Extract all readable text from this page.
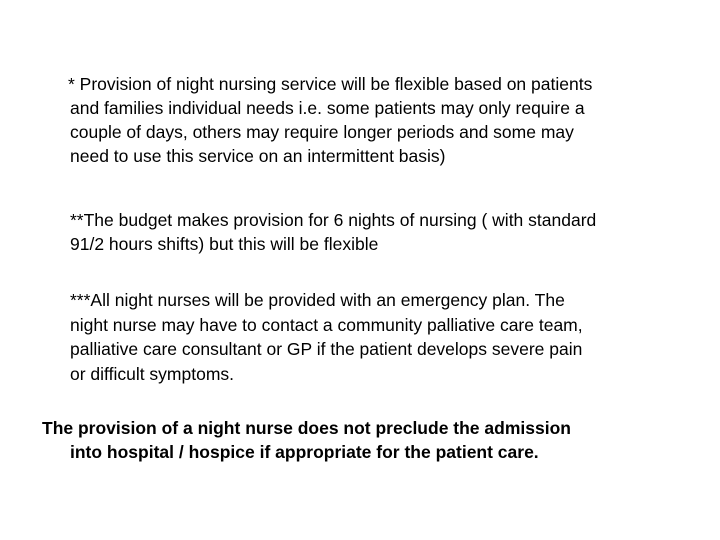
* Provision of night nursing service will be flexible based on patients
and families individual needs i.e. some patients may only require a
couple of days, others may require longer periods and some may
need to use this service on an intermittent basis)
**The budget makes provision for 6 nights of nursing ( with standard
91/2 hours shifts) but this will be flexible
***All night nurses will be provided with an emergency plan. The
night nurse may have to contact a community palliative care team,
palliative care consultant or GP if the patient develops severe pain
or difficult symptoms.
The provision of a night nurse does not preclude the admission
into hospital / hospice if appropriate for the patient care.
